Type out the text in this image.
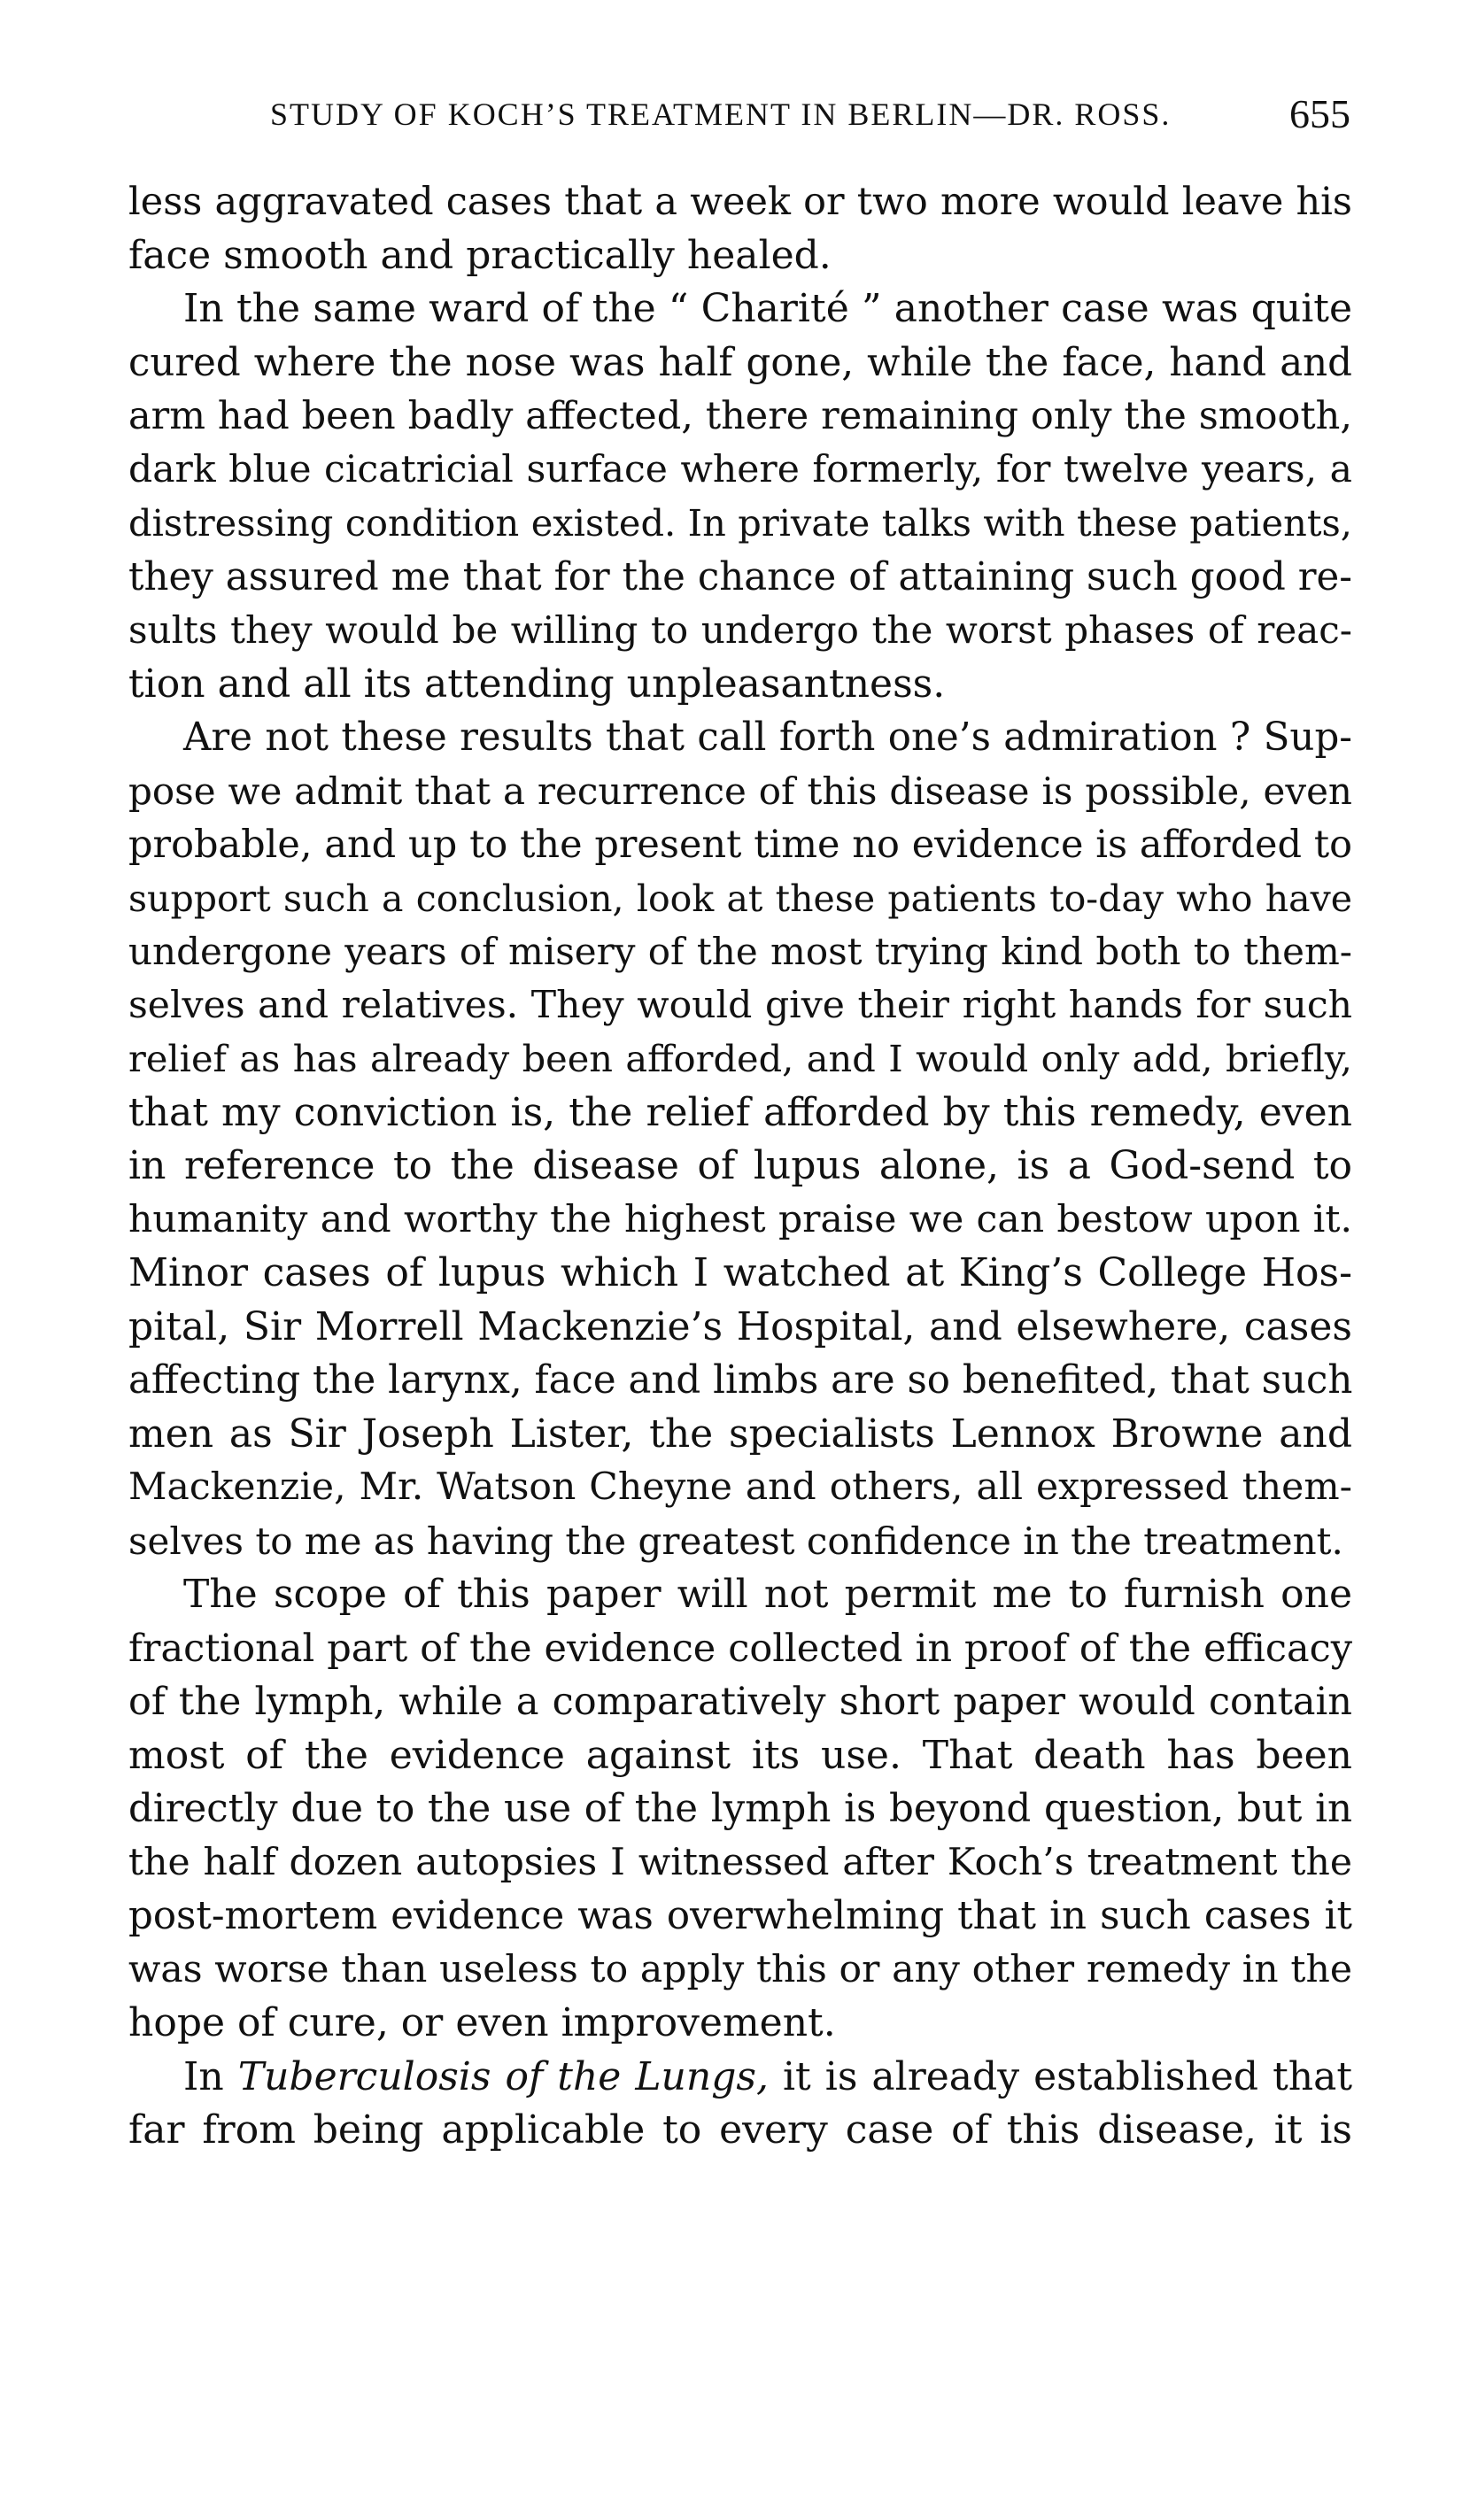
STUDY OF KOCH’S TREATMENT IN BERLIN—DR. ROSS.	655
less aggravated cases that a week or two more would leave his
face smooth and practically healed.
In the same ward of the “ Charité ” another case was quite
cured where the nose was half gone, while the face, hand and
arm had been badly affected, there remaining only the smooth,
dark blue cicatricial surface where formerly, for twelve years, a
distressing condition existed. In private talks with these patients,
they assured me that for the chance of attaining such good re-
sults they would be willing to undergo the worst phases of reac-
tion and all its attending unpleasantness.
Are not these results that call forth one’s admiration ? Sup-
pose we admit that a recurrence of this disease is possible, even
probable, and up to the present time no evidence is afforded to
support such a conclusion, look at these patients to-day who have
undergone years of misery of the most trying kind both to them-
selves and relatives. They would give their right hands for such
relief as has already been afforded, and I would only add, briefly,
that my conviction is, the relief afforded by this remedy, even
in reference to the disease of lupus alone, is a God-send to
humanity and worthy the highest praise we can bestow upon it.
Minor cases of lupus which I watched at King’s College Hos-
pital, Sir Morrell Mackenzie’s Hospital, and elsewhere, cases
affecting the larynx, face and limbs are so benefited, that such
men as Sir Joseph Lister, the specialists Lennox Browne and
Mackenzie, Mr. Watson Cheyne and others, all expressed them-
selves to me as having the greatest confidence in the treatment.
The scope of this paper will not permit me to furnish one
fractional part of the evidence collected in proof of the efficacy
of the lymph, while a comparatively short paper would contain
most of the evidence against its use. That death has been
directly due to the use of the lymph is beyond question, but in
the half dozen autopsies I witnessed after Koch’s treatment the
post-mortem evidence was overwhelming that in such cases it
was worse than useless to apply this or any other remedy in the
hope of cure, or even improvement.
In Tuberculosis of the Lungs, it is already established that
far from being applicable to every case of this disease, it is
